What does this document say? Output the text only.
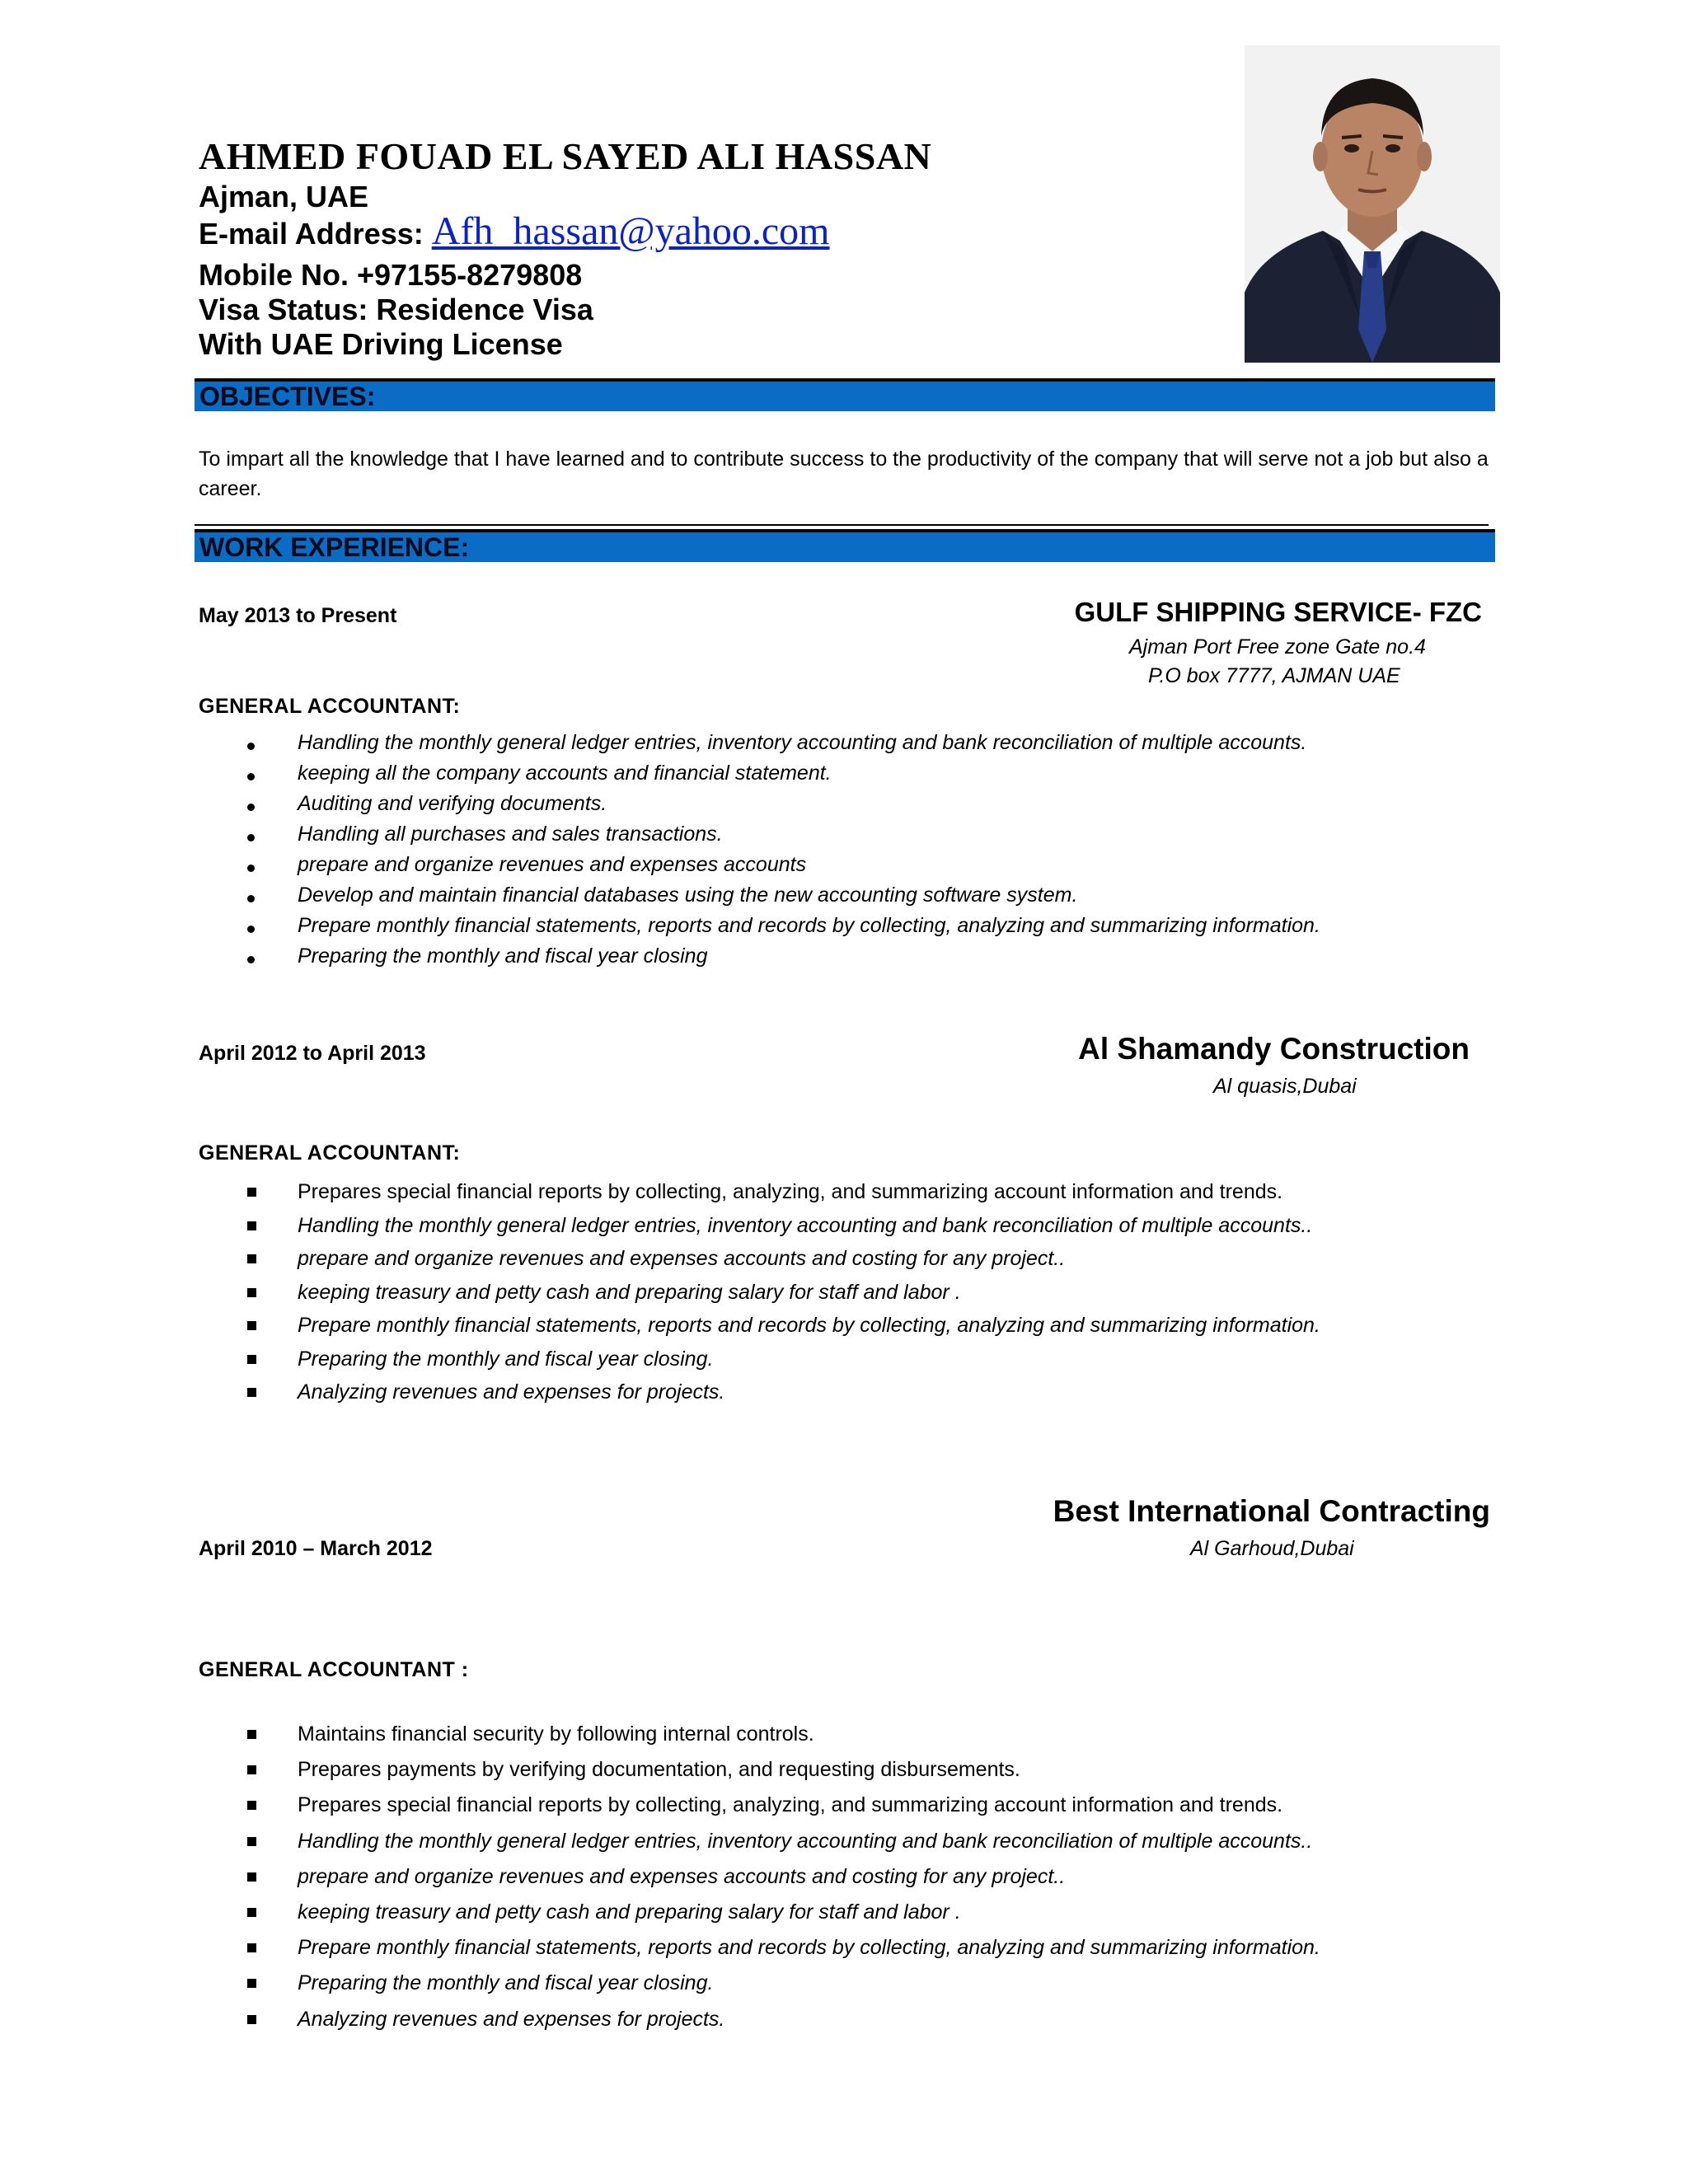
AHMED FOUAD EL SAYED ALI HASSAN
Ajman, UAE
E-mail Address: Afh_hassan@yahoo.com
Mobile No. +97155-8279808
Visa Status: Residence Visa
With UAE Driving License
OBJECTIVES:
To impart all the knowledge that I have learned and to contribute success to the productivity of the company that will serve not a job but also a career.
WORK EXPERIENCE:
May 2013 to Present	GULF SHIPPING SERVICE- FZC
Ajman Port Free zone Gate no.4
P.O box 7777, AJMAN UAE
GENERAL ACCOUNTANT:
Handling the monthly general ledger entries, inventory accounting and bank reconciliation of multiple accounts.
keeping all the company accounts and financial statement.
Auditing and verifying documents.
Handling all purchases and sales transactions.
prepare and organize revenues and expenses accounts
Develop and maintain financial databases using the new accounting software system.
Prepare monthly financial statements, reports and records by collecting, analyzing and summarizing information.
Preparing the monthly and fiscal year closing
April 2012 to April 2013	Al Shamandy Construction
Al quasis,Dubai
GENERAL ACCOUNTANT:
Prepares special financial reports by collecting, analyzing, and summarizing account information and trends.
Handling the monthly general ledger entries, inventory accounting and bank reconciliation of multiple accounts..
prepare and organize revenues and expenses accounts and costing for any project..
keeping treasury and petty cash and preparing salary for staff and labor .
Prepare monthly financial statements, reports and records by collecting, analyzing and summarizing information.
Preparing the monthly and fiscal year closing.
Analyzing revenues and expenses for projects.
Best International Contracting
April 2010 – March 2012	Al Garhoud,Dubai
GENERAL ACCOUNTANT :
Maintains financial security by following internal controls.
Prepares payments by verifying documentation, and requesting disbursements.
Prepares special financial reports by collecting, analyzing, and summarizing account information and trends.
Handling the monthly general ledger entries, inventory accounting and bank reconciliation of multiple accounts..
prepare and organize revenues and expenses accounts and costing for any project..
keeping treasury and petty cash and preparing salary for staff and labor .
Prepare monthly financial statements, reports and records by collecting, analyzing and summarizing information.
Preparing the monthly and fiscal year closing.
Analyzing revenues and expenses for projects.
